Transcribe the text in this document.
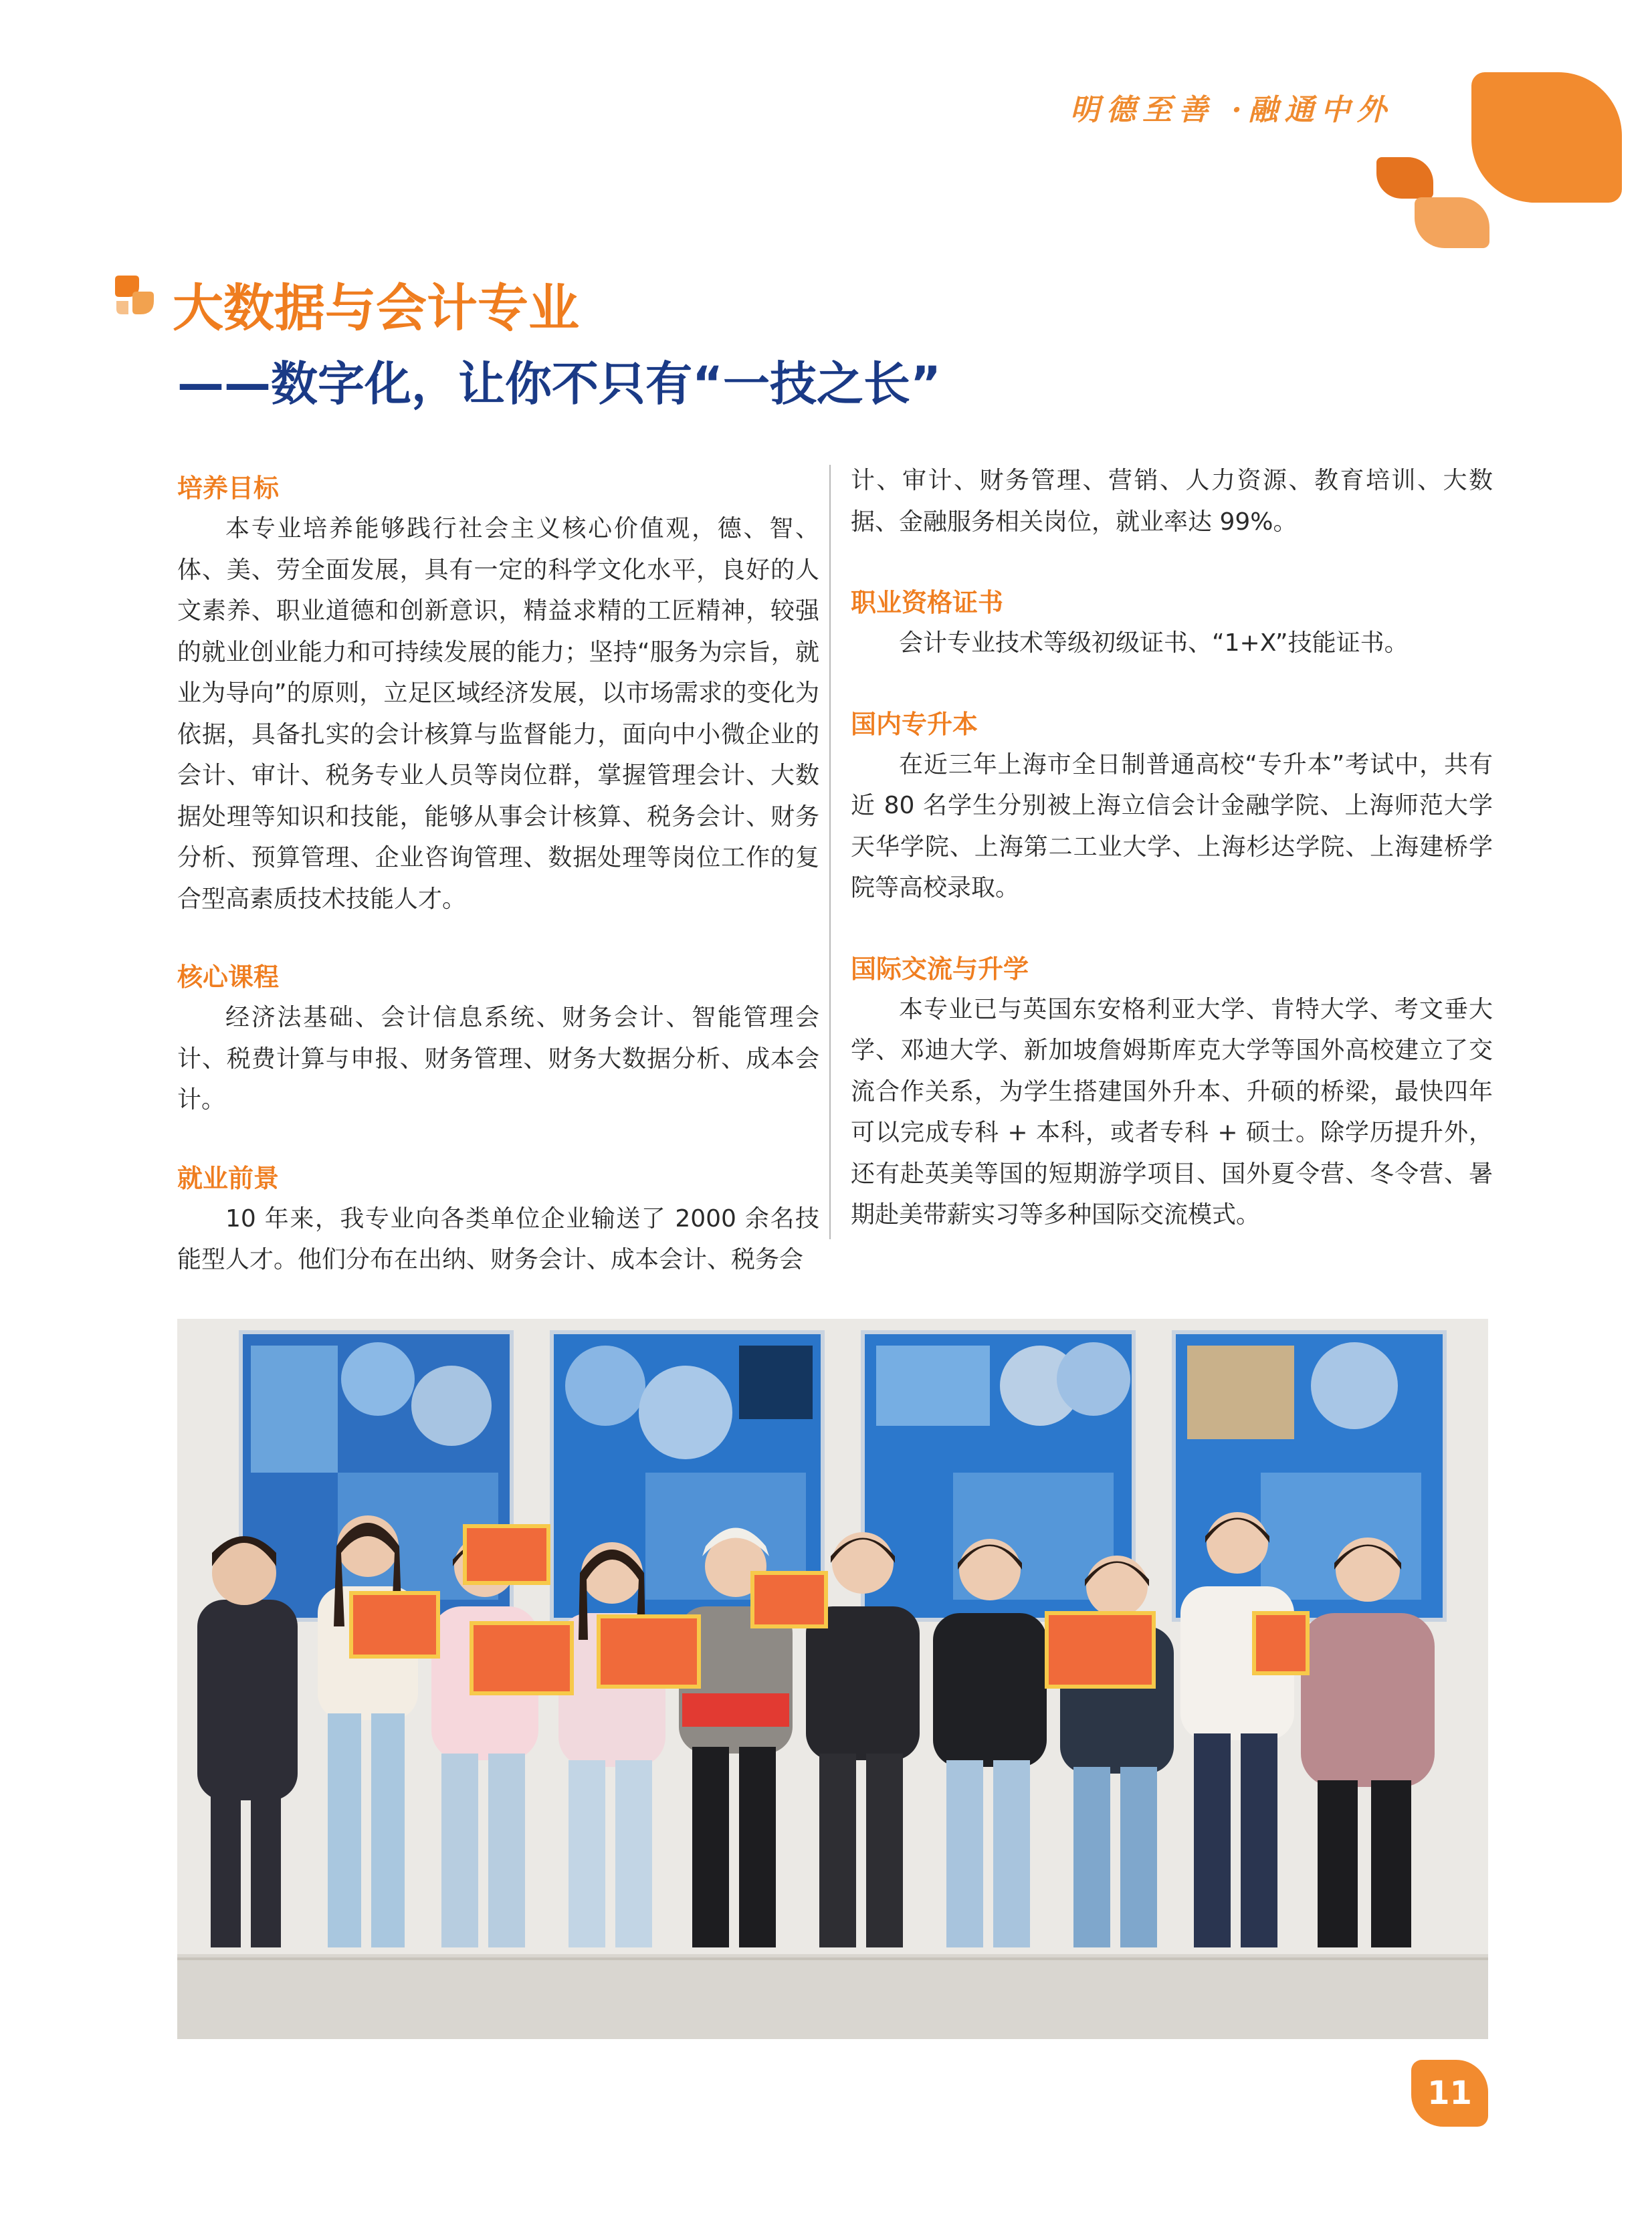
明德至善 ·融通中外
大数据与会计专业
——数字化，让你不只有“一技之长”
培养目标

本专业培养能够践行社会主义核心价值观，德、智、体、美、劳全面发展，具有一定的科学文化水平，良好的人文素养、职业道德和创新意识，精益求精的工匠精神，较强的就业创业能力和可持续发展的能力；坚持“服务为宗旨，就业为导向”的原则，立足区域经济发展，以市场需求的变化为依据，具备扎实的会计核算与监督能力，面向中小微企业的会计、审计、税务专业人员等岗位群，掌握管理会计、大数据处理等知识和技能，能够从事会计核算、税务会计、财务分析、预算管理、企业咨询管理、数据处理等岗位工作的复合型高素质技术技能人才。

核心课程

经济法基础、会计信息系统、财务会计、智能管理会计、税费计算与申报、财务管理、财务大数据分析、成本会计。

就业前景

10 年来，我专业向各类单位企业输送了 2000 余名技能型人才。他们分布在出纳、财务会计、成本会计、税务会

计、审计、财务管理、营销、人力资源、教育培训、大数据、金融服务相关岗位，就业率达 99%。

职业资格证书

会计专业技术等级初级证书、“1+X”技能证书。

国内专升本

在近三年上海市全日制普通高校“专升本”考试中，共有近 80 名学生分别被上海立信会计金融学院、上海师范大学天华学院、上海第二工业大学、上海杉达学院、上海建桥学院等高校录取。

国际交流与升学

本专业已与英国东安格利亚大学、肯特大学、考文垂大学、邓迪大学、新加坡詹姆斯库克大学等国外高校建立了交流合作关系，为学生搭建国外升本、升硕的桥梁，最快四年可以完成专科 + 本科，或者专科 + 硕士。除学历提升外，还有赴英美等国的短期游学项目、国外夏令营、冬令营、暑期赴美带薪实习等多种国际交流模式。

11
